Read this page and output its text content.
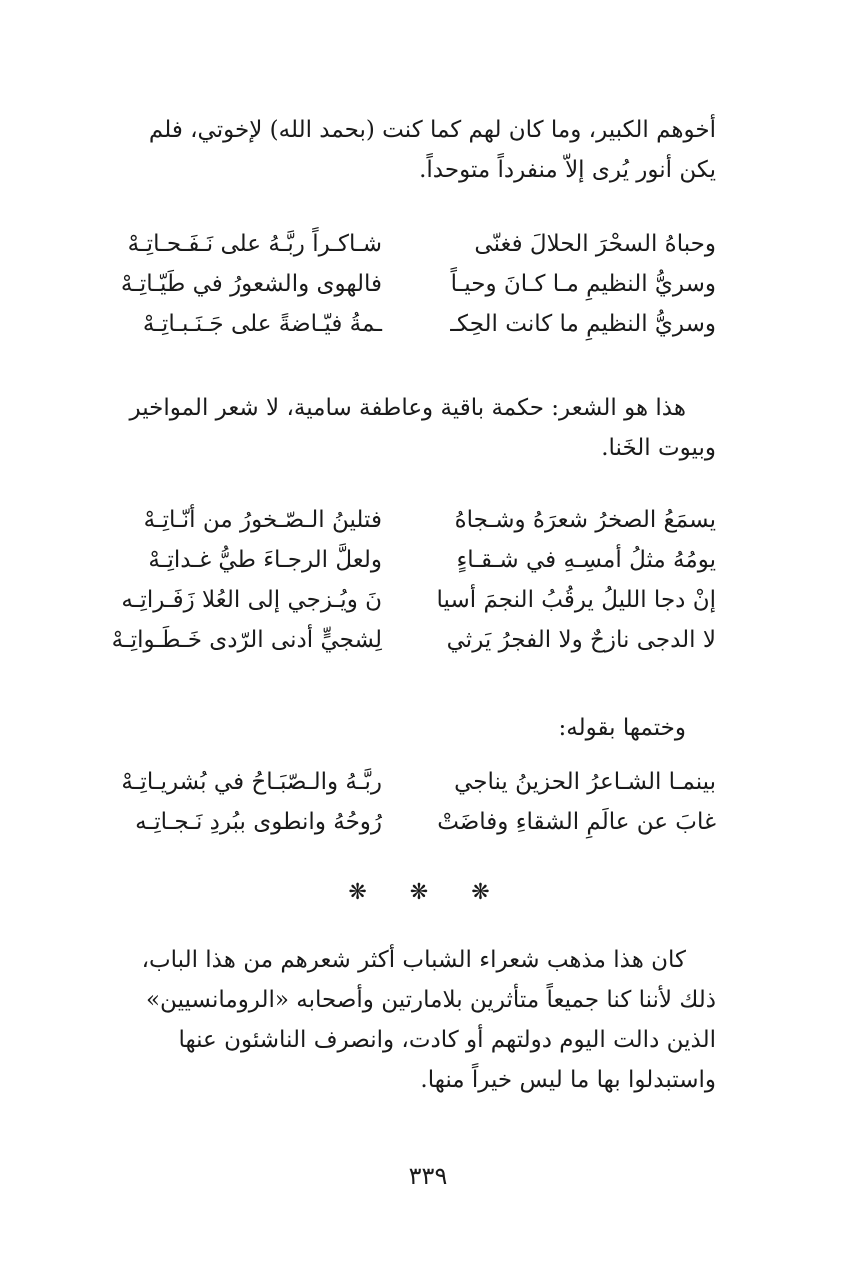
أخوهم الكبير، وما كان لهم كما كنت (بحمد الله) لإخوتي، فلم
يكن أنور يُرى إلاّ منفرداً متوحداً.
وحباهُ السحْرَ الحلالَ فغنّى
شـاكـراً ربَّـهُ على نَـفَـحـاتِـهْ
وسريُّ النظيمِ مـا كـانَ وحيـاً
فالهوى والشعورُ في طَيّـاتِـهْ
وسريُّ النظيمِ ما كانت الحِكـ
ـمةُ فيّـاضةً على جَـنَـبـاتِـهْ
هذا هو الشعر: حكمة باقية وعاطفة سامية، لا شعر المواخير
وبيوت الخَنا.
يسمَعُ الصخرُ شعرَهُ وشـجاهُ
فتلينُ الـصّـخورُ من أنّـاتِـهْ
يومُهُ مثلُ أمسِـهِ في شـقـاءٍ
ولعلَّ الرجـاءَ طيُّ غـداتِـهْ
إنْ دجا الليلُ يرقُبُ النجمَ أسيا
نَ ويُـزجي إلى العُلا زَفَـراتِـه
لا الدجى نازحٌ ولا الفجرُ يَرثي
لِشجيٍّ أدنى الرّدى خَـطَـواتِـهْ
وختمها بقوله:
بينمـا الشـاعرُ الحزينُ يناجي
ربَّـهُ والـصّبَـاحُ في بُشريـاتِـهْ
غابَ عن عالَمِ الشقاءِ وفاضَتْ
رُوحُهُ وانطوى ببُردِ نَـجـاتِـه
❋ ❋ ❋
كان هذا مذهب شعراء الشباب أكثر شعرهم من هذا الباب،
ذلك لأننا كنا جميعاً متأثرين بلامارتين وأصحابه «الرومانسيين»
الذين دالت اليوم دولتهم أو كادت، وانصرف الناشئون عنها
واستبدلوا بها ما ليس خيراً منها.
٣٣٩
